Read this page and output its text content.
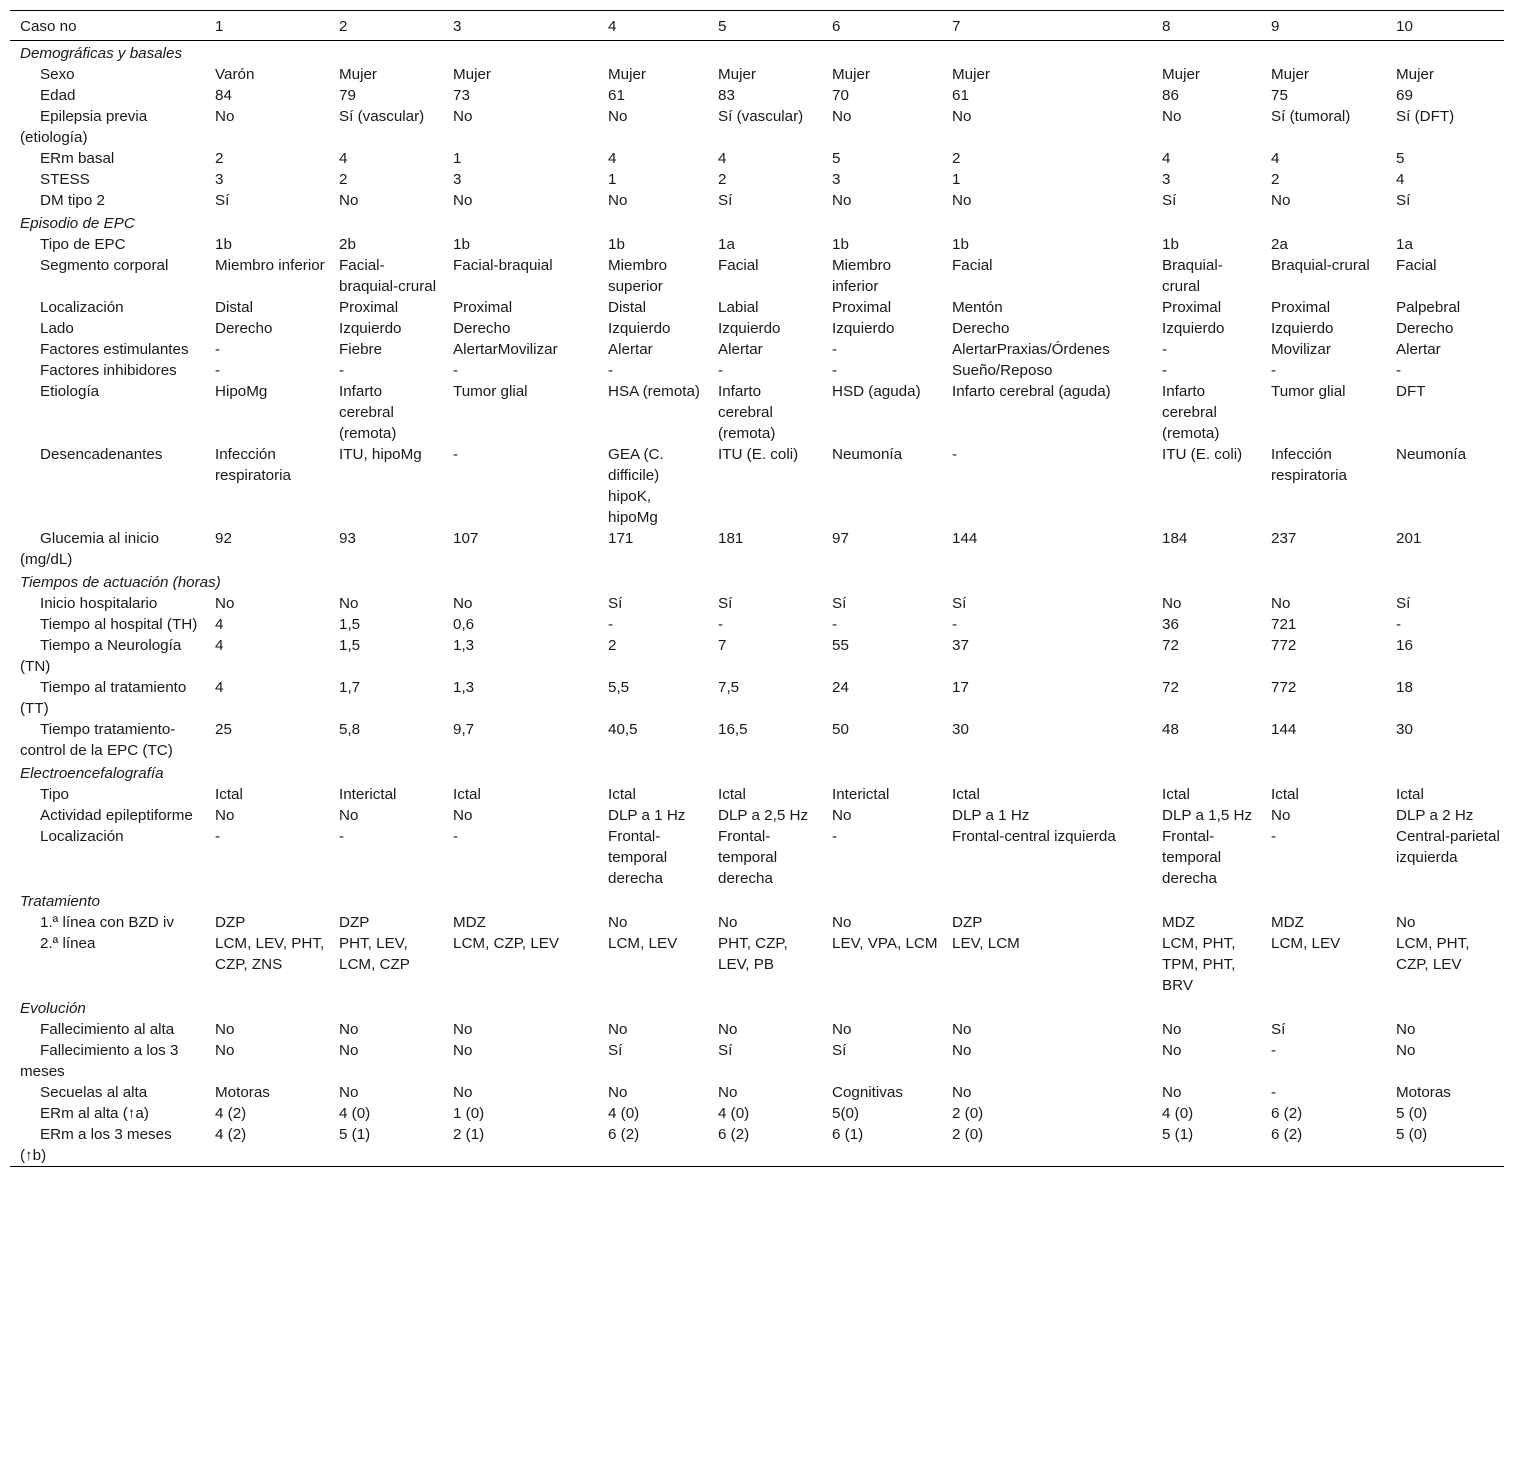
Caso no	1	2	3	4	5	6	7	8	9	10
Demográficas y basales										
Sexo	Varón	Mujer	Mujer	Mujer	Mujer	Mujer	Mujer	Mujer	Mujer	Mujer
Edad	84	79	73	61	83	70	61	86	75	69
Epilepsia previa (etiología)	No	Sí (vascular)	No	No	Sí (vascular)	No	No	No	Sí (tumoral)	Sí (DFT)
ERm basal	2	4	1	4	4	5	2	4	4	5
STESS	3	2	3	1	2	3	1	3	2	4
DM tipo 2	Sí	No	No	No	Sí	No	No	Sí	No	Sí
Episodio de EPC										
Tipo de EPC	1b	2b	1b	1b	1a	1b	1b	1b	2a	1a
Segmento corporal	Miembro inferior	Facial-braquial-crural	Facial-braquial	Miembro superior	Facial	Miembro inferior	Facial	Braquial-crural	Braquial-crural	Facial
Localización	Distal	Proximal	Proximal	Distal	Labial	Proximal	Mentón	Proximal	Proximal	Palpebral
Lado	Derecho	Izquierdo	Derecho	Izquierdo	Izquierdo	Izquierdo	Derecho	Izquierdo	Izquierdo	Derecho
Factores estimulantes	-	Fiebre	AlertarMovilizar	Alertar	Alertar	-	AlertarPraxias/Órdenes	-	Movilizar	Alertar
Factores inhibidores	-	-	-	-	-	-	Sueño/Reposo	-	-	-
Etiología	HipoMg	Infarto cerebral (remota)	Tumor glial	HSA (remota)	Infarto cerebral (remota)	HSD (aguda)	Infarto cerebral (aguda)	Infarto cerebral (remota)	Tumor glial	DFT
Desencadenantes	Infección respiratoria	ITU, hipoMg	-	GEA (C. difficile) hipoK, hipoMg	ITU (E. coli)	Neumonía	-	ITU (E. coli)	Infección respiratoria	Neumonía
Glucemia al inicio (mg/dL)	92	93	107	171	181	97	144	184	237	201
Tiempos de actuación (horas)										
Inicio hospitalario	No	No	No	Sí	Sí	Sí	Sí	No	No	Sí
Tiempo al hospital (TH)	4	1,5	0,6	-	-	-	-	36	721	-
Tiempo a Neurología (TN)	4	1,5	1,3	2	7	55	37	72	772	16
Tiempo al tratamiento (TT)	4	1,7	1,3	5,5	7,5	24	17	72	772	18
Tiempo tratamiento-control de la EPC (TC)	25	5,8	9,7	40,5	16,5	50	30	48	144	30
Electroencefalografía										
Tipo	Ictal	Interictal	Ictal	Ictal	Ictal	Interictal	Ictal	Ictal	Ictal	Ictal
Actividad epileptiforme	No	No	No	DLP a 1 Hz	DLP a 2,5 Hz	No	DLP a 1 Hz	DLP a 1,5 Hz	No	DLP a 2 Hz
Localización	-	-	-	Frontal-temporal derecha	Frontal-temporal derecha	-	Frontal-central izquierda	Frontal-temporal derecha	-	Central-parietal izquierda
Tratamiento										
1.ª línea con BZD iv	DZP	DZP	MDZ	No	No	No	DZP	MDZ	MDZ	No
2.ª línea	LCM, LEV, PHT, CZP, ZNS	PHT, LEV, LCM, CZP	LCM, CZP, LEV	LCM, LEV	PHT, CZP, LEV, PB	LEV, VPA, LCM	LEV, LCM	LCM, PHT, TPM, PHT, BRV	LCM, LEV	LCM, PHT, CZP, LEV
Evolución										
Fallecimiento al alta	No	No	No	No	No	No	No	No	Sí	No
Fallecimiento a los 3 meses	No	No	No	Sí	Sí	Sí	No	No	-	No
Secuelas al alta	Motoras	No	No	No	No	Cognitivas	No	No	-	Motoras
ERm al alta (↑a)	4 (2)	4 (0)	1 (0)	4 (0)	4 (0)	5(0)	2 (0)	4 (0)	6 (2)	5 (0)
ERm a los 3 meses (↑b)	4 (2)	5 (1)	2 (1)	6 (2)	6 (2)	6 (1)	2 (0)	5 (1)	6 (2)	5 (0)
